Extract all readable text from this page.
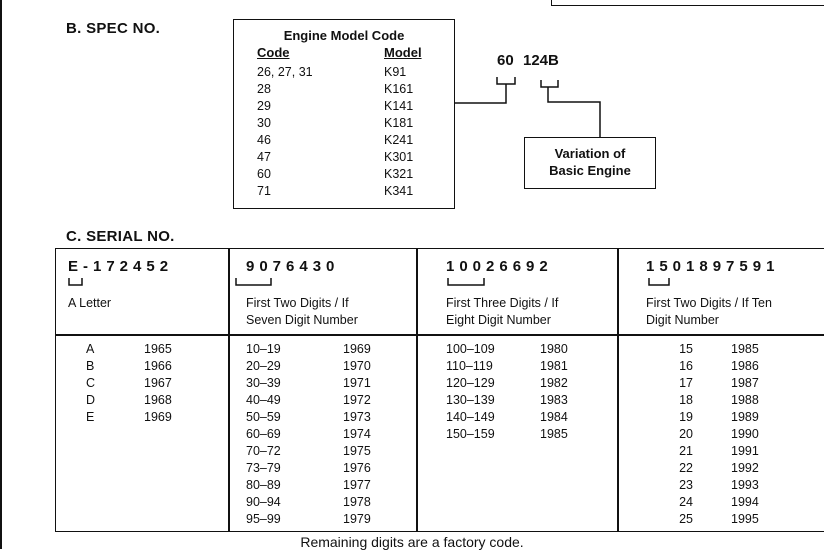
B. SPEC NO.	Engine Model Code
Code	Model
26, 27, 31	K91
28	K161
29	K141
30	K181
46	K241
47	K301
60	K321
71	K341
60 124B
Variation of
Basic Engine
C. SERIAL NO.
E-172452
A Letter
A	1965
B	1966
C	1967
D	1968
E	1969
9076430
First Two Digits / If
Seven Digit Number
10–19	1969
20–29	1970
30–39	1971
40–49	1972
50–59	1973
60–69	1974
70–72	1975
73–79	1976
80–89	1977
90–94	1978
95–99	1979
10026692
First Three Digits / If
Eight Digit Number
100–109	1980
110–119	1981
120–129	1982
130–139	1983
140–149	1984
150–159	1985
1501897591
First Two Digits / If Ten
Digit Number
15	1985
16	1986
17	1987
18	1988
19	1989
20	1990
21	1991
22	1992
23	1993
24	1994
25	1995
Remaining digits are a factory code.
